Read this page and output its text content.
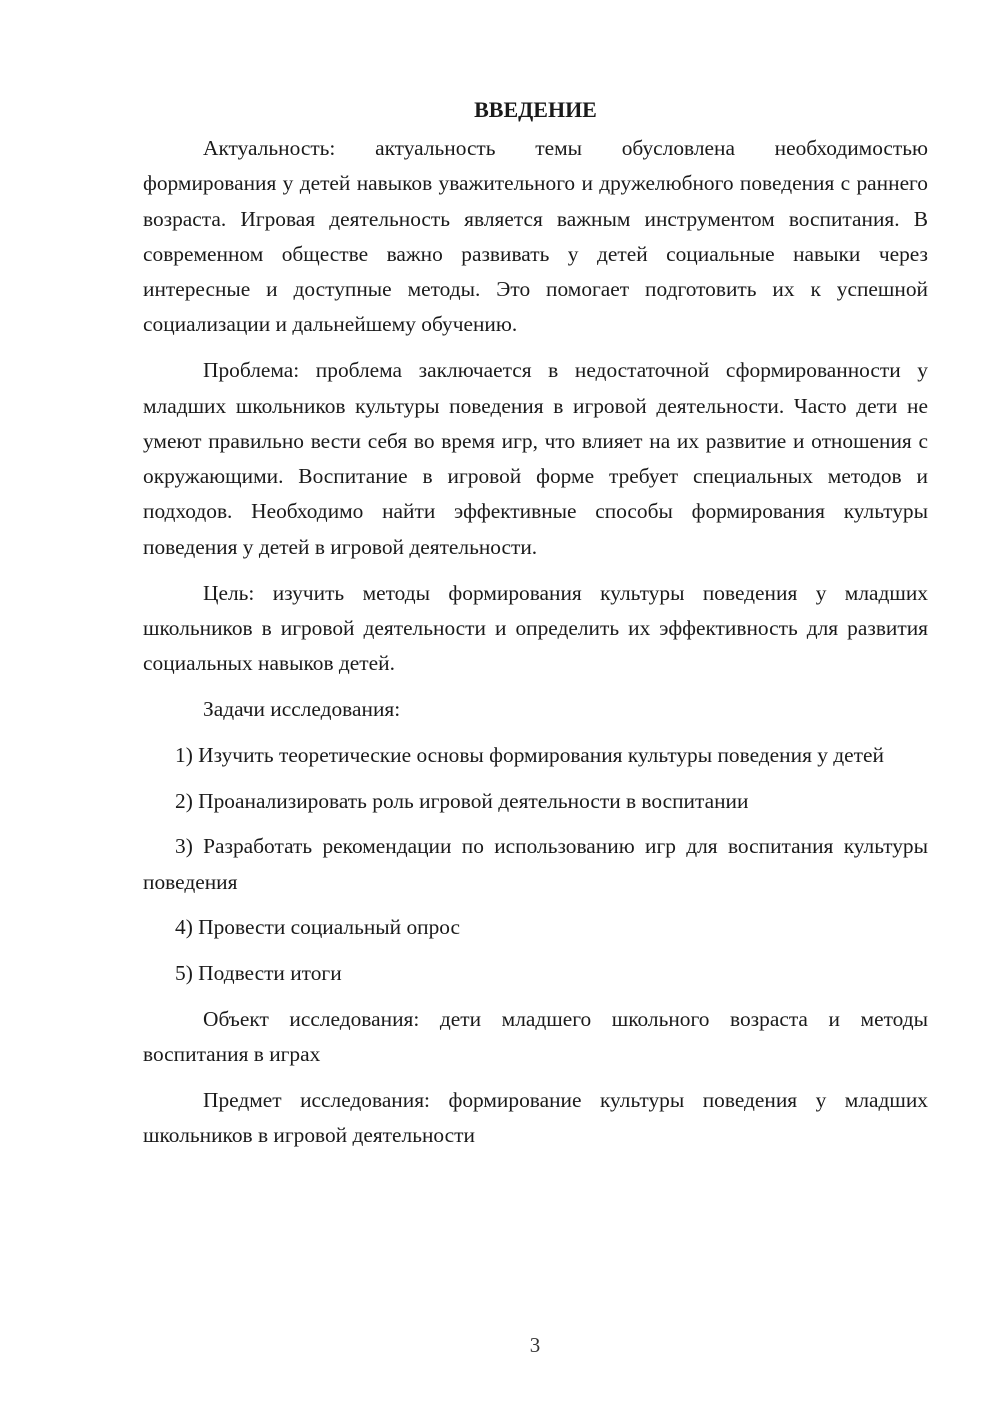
ВВЕДЕНИЕ

Актуальность: актуальность темы обусловлена необходимостью формирования у детей навыков уважительного и дружелюбного поведения с раннего возраста. Игровая деятельность является важным инструментом воспитания. В современном обществе важно развивать у детей социальные навыки через интересные и доступные методы. Это помогает подготовить их к успешной социализации и дальнейшему обучению.

Проблема: проблема заключается в недостаточной сформированности у младших школьников культуры поведения в игровой деятельности. Часто дети не умеют правильно вести себя во время игр, что влияет на их развитие и отношения с окружающими. Воспитание в игровой форме требует специальных методов и подходов. Необходимо найти эффективные способы формирования культуры поведения у детей в игровой деятельности.

Цель: изучить методы формирования культуры поведения у младших школьников в игровой деятельности и определить их эффективность для развития социальных навыков детей.

Задачи исследования:

1) Изучить теоретические основы формирования культуры поведения у детей

2) Проанализировать роль игровой деятельности в воспитании

3) Разработать рекомендации по использованию игр для воспитания культуры поведения

4) Провести социальный опрос

5) Подвести итоги

Объект исследования: дети младшего школьного возраста и методы воспитания в играх

Предмет исследования: формирование культуры поведения у младших школьников в игровой деятельности

3
